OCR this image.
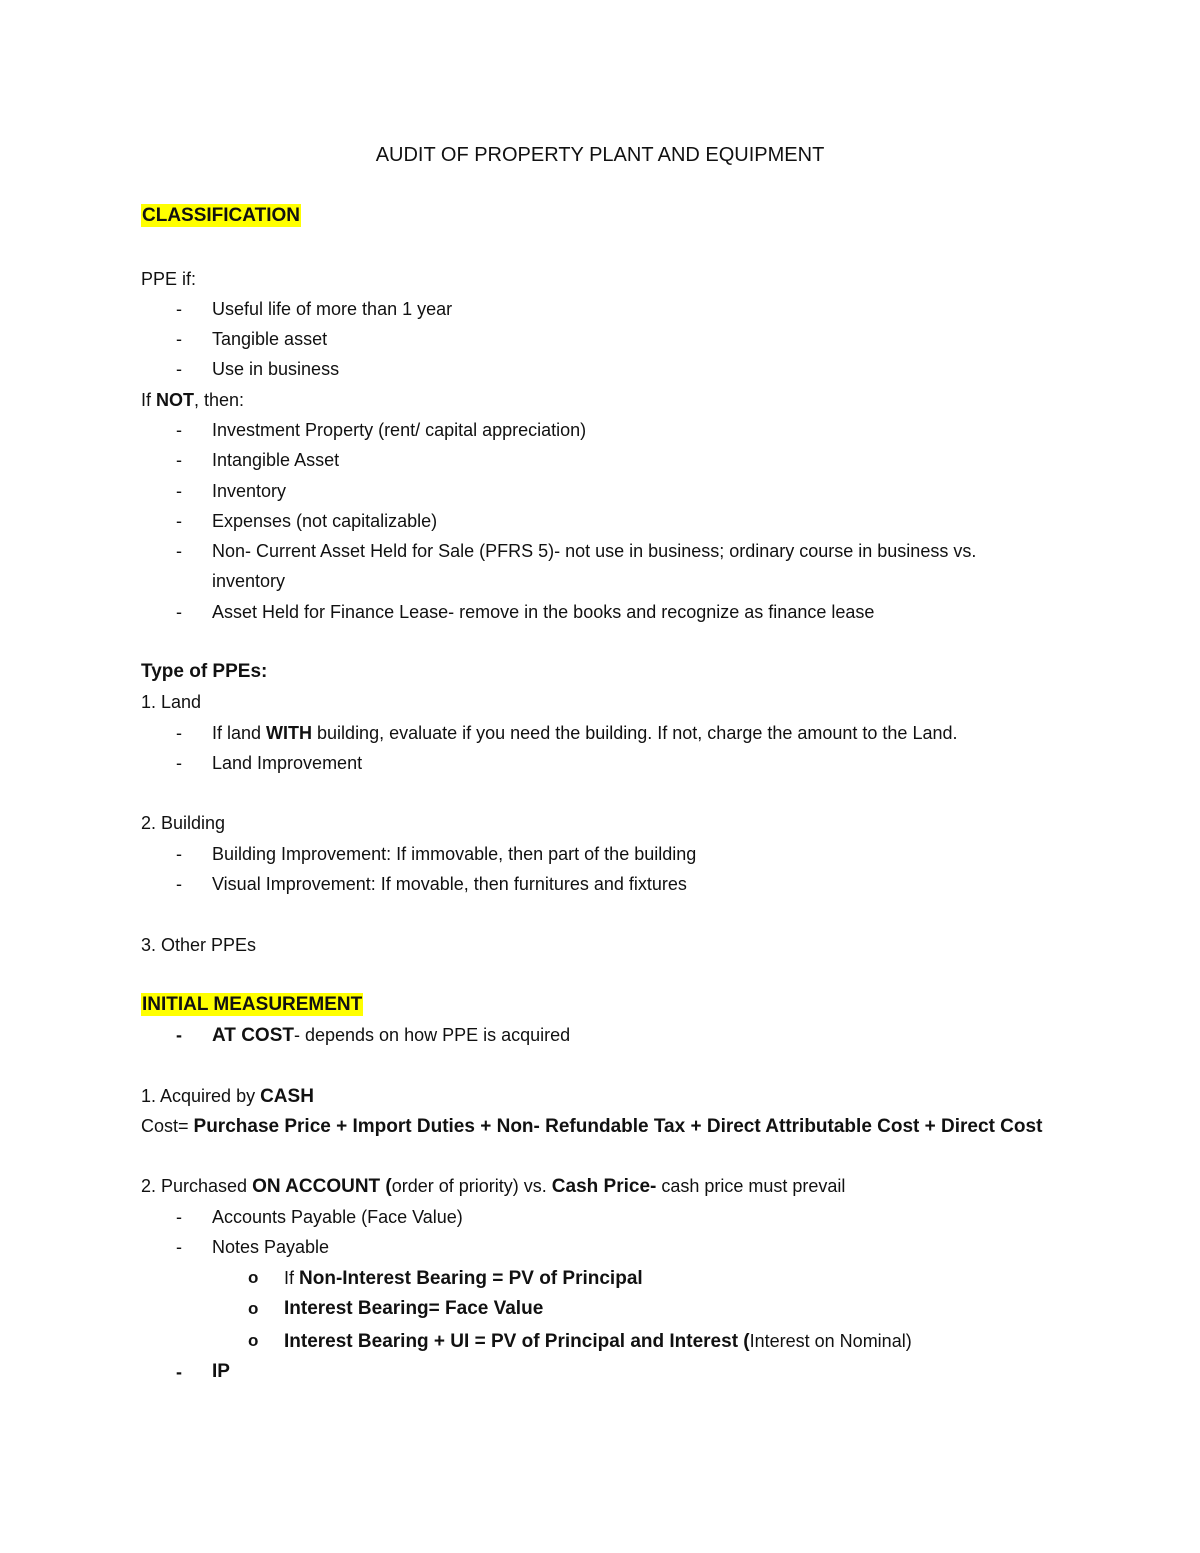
AUDIT OF PROPERTY PLANT AND EQUIPMENT
CLASSIFICATION
PPE if:
- Useful life of more than 1 year
- Tangible asset
- Use in business
If NOT, then:
- Investment Property (rent/ capital appreciation)
- Intangible Asset
- Inventory
- Expenses (not capitalizable)
- Non- Current Asset Held for Sale (PFRS 5)- not use in business; ordinary course in business vs.
inventory
- Asset Held for Finance Lease- remove in the books and recognize as finance lease
Type of PPEs:
1. Land
- If land WITH building, evaluate if you need the building. If not, charge the amount to the Land.
- Land Improvement
2. Building
- Building Improvement: If immovable, then part of the building
- Visual Improvement: If movable, then furnitures and fixtures
3. Other PPEs
INITIAL MEASUREMENT
- AT COST- depends on how PPE is acquired
1. Acquired by CASH
Cost= Purchase Price + Import Duties + Non- Refundable Tax + Direct Attributable Cost + Direct Cost
2. Purchased ON ACCOUNT (order of priority) vs. Cash Price- cash price must prevail
- Accounts Payable (Face Value)
- Notes Payable
o If Non-Interest Bearing = PV of Principal
o Interest Bearing= Face Value
o Interest Bearing + UI = PV of Principal and Interest (Interest on Nominal)
- IP
